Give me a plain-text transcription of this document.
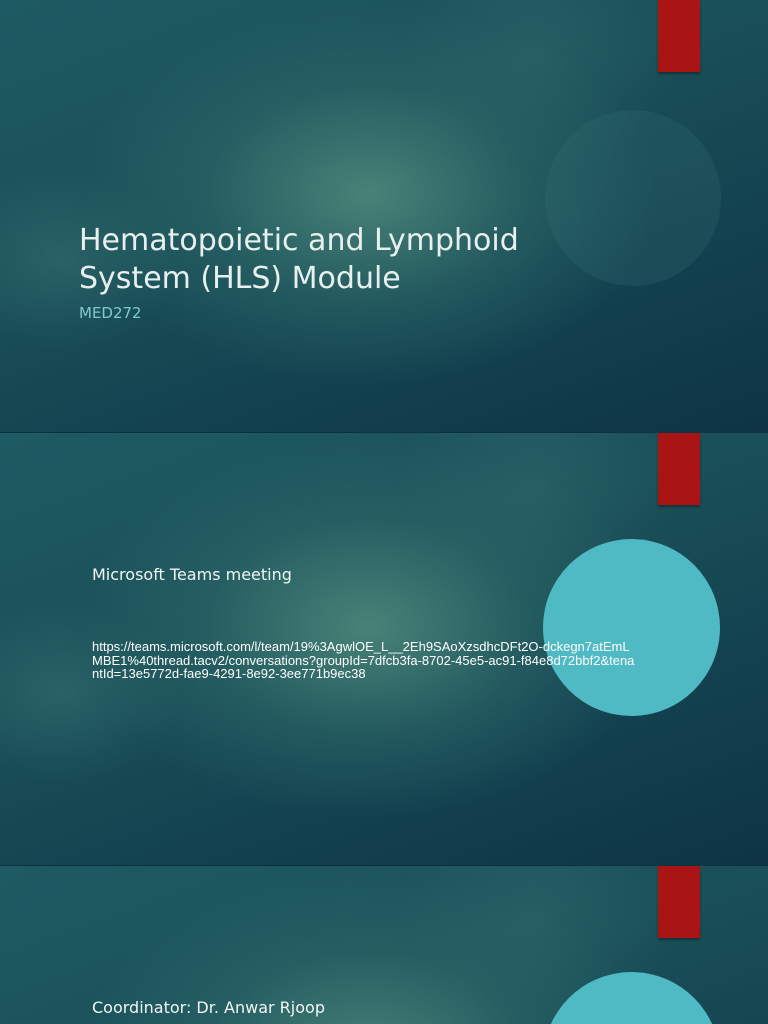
Hematopoietic and Lymphoid System (HLS) Module
MED272
Microsoft Teams meeting
https://teams.microsoft.com/l/team/19%3AgwlOE_L__2Eh9SAoXzsdhcDFt2O-dckegn7atEmLMBE1%40thread.tacv2/conversations?groupId=7dfcb3fa-8702-45e5-ac91-f84e8d72bbf2&tenantId=13e5772d-fae9-4291-8e92-3ee771b9ec38
Coordinator: Dr. Anwar Rjoop
